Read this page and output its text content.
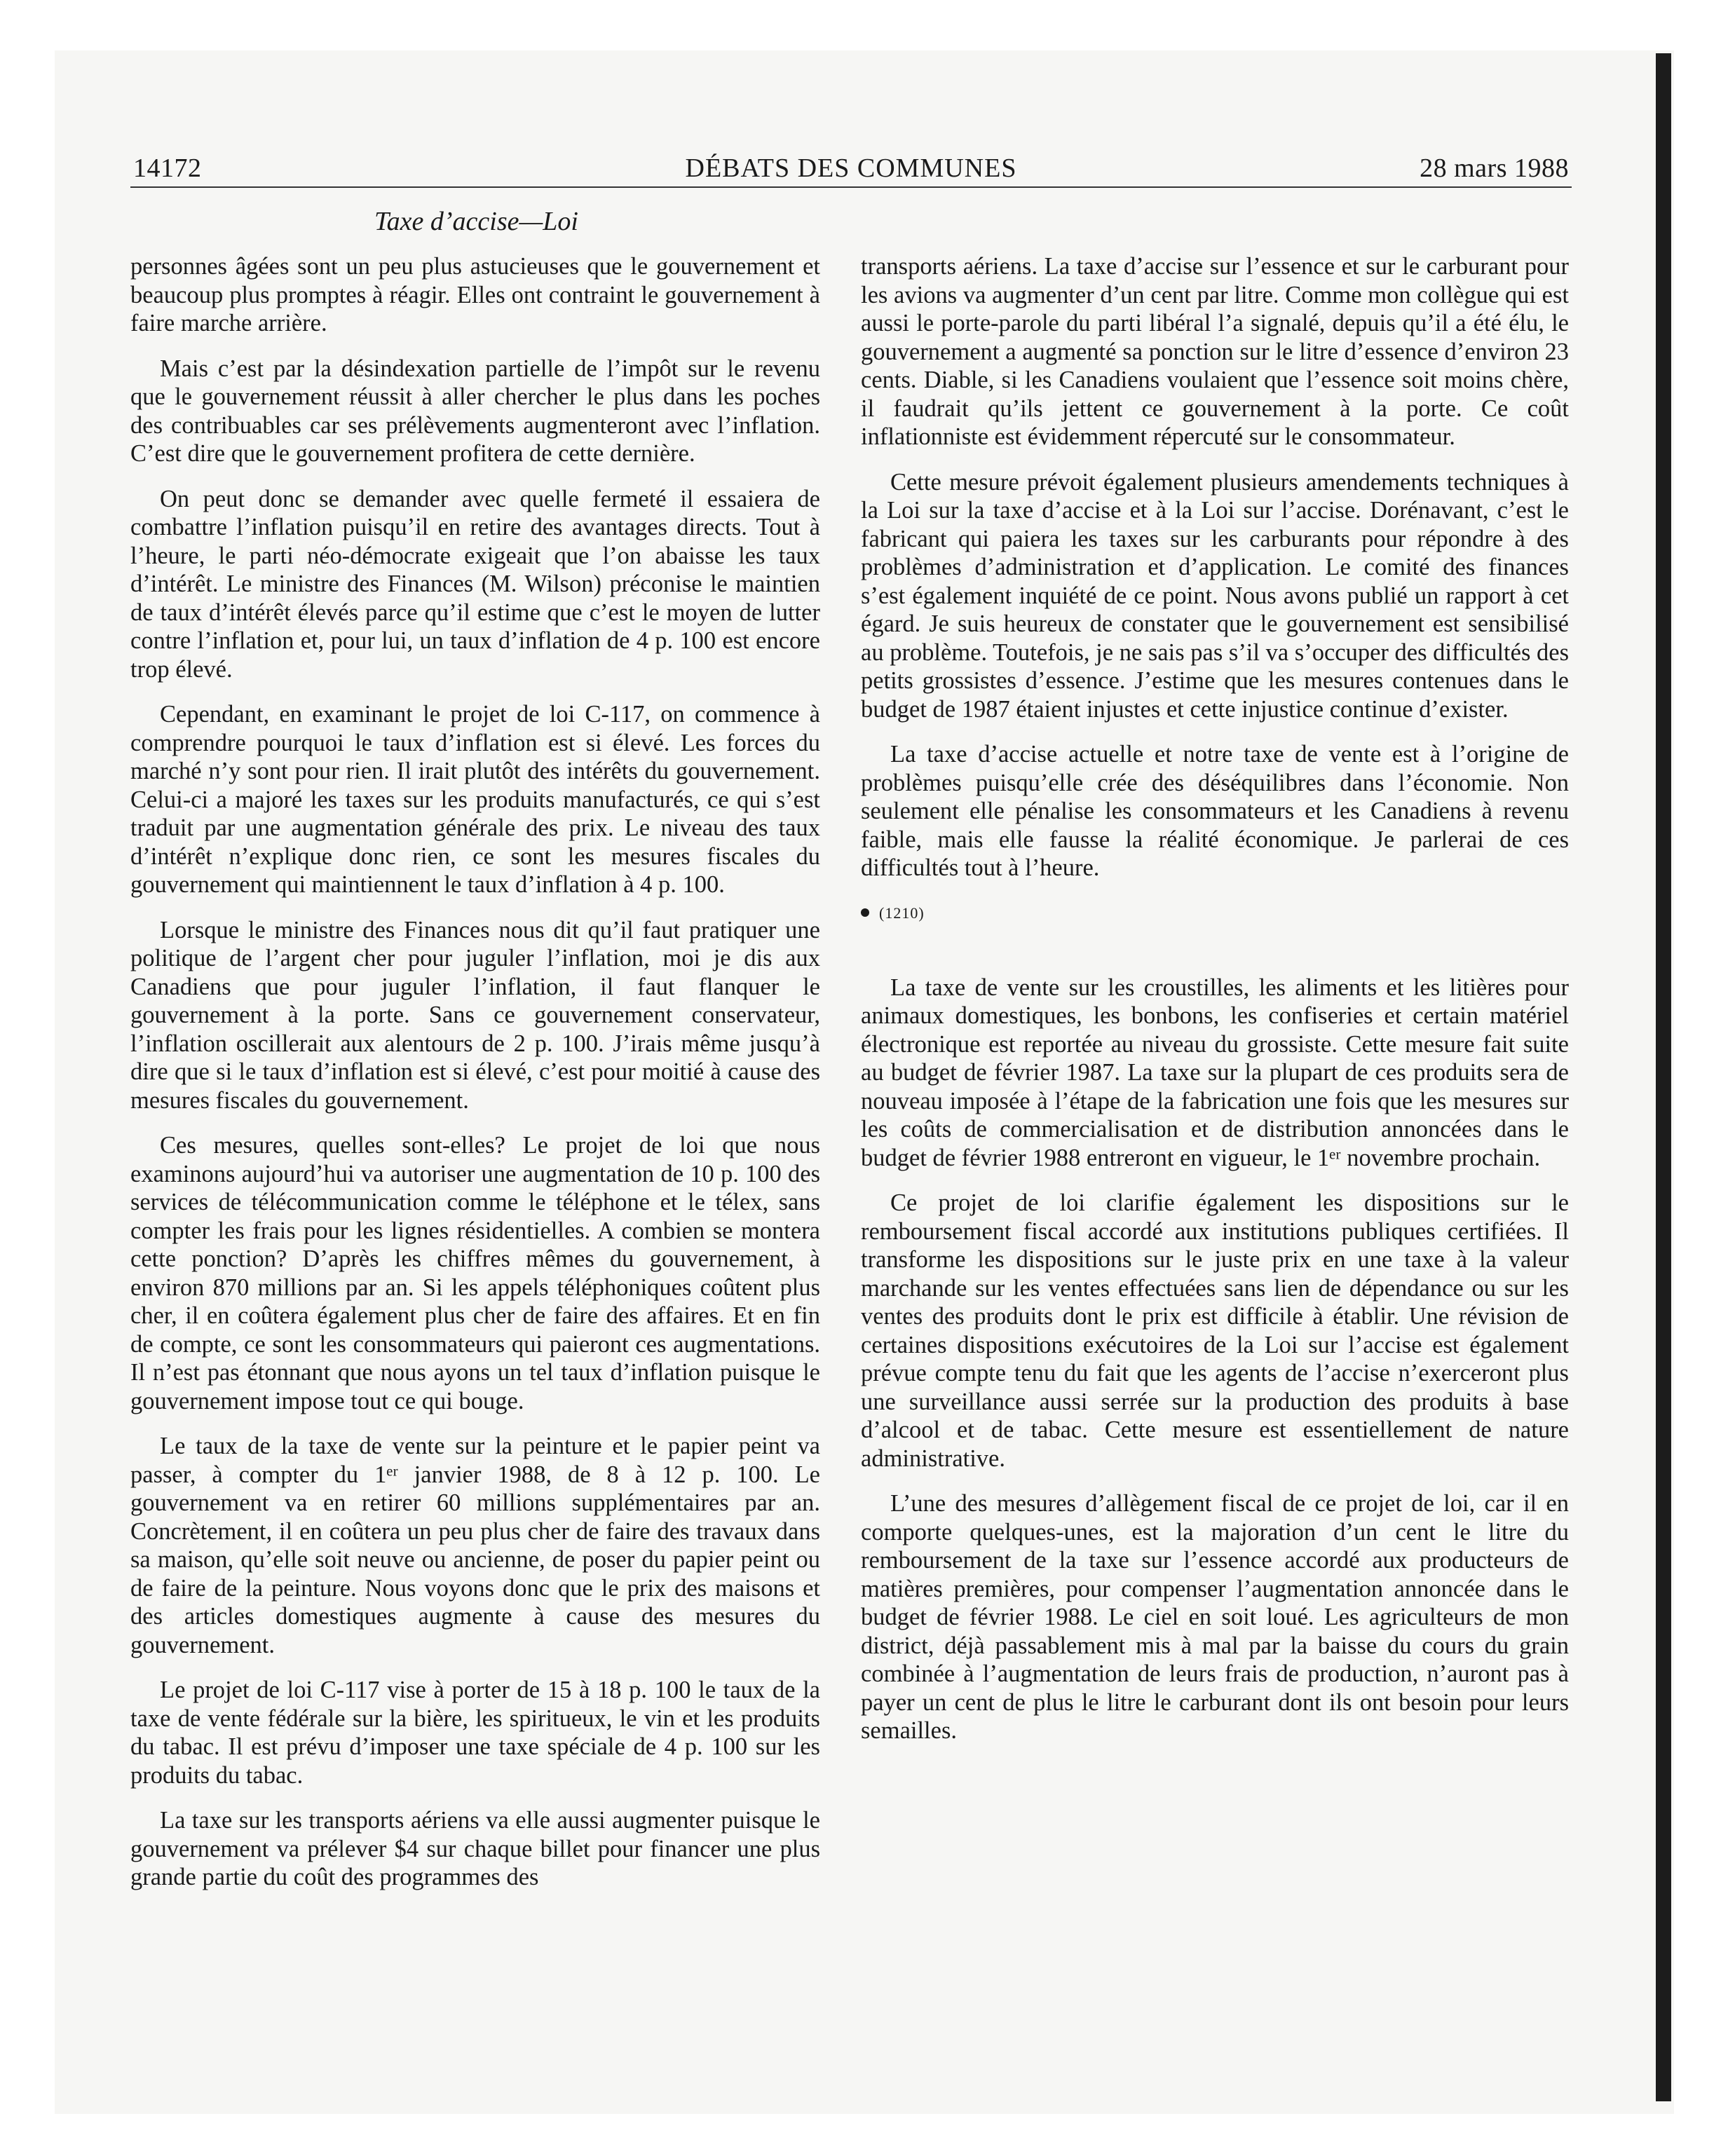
14172	DÉBATS DES COMMUNES	28 mars 1988
Taxe d’accise—Loi

personnes âgées sont un peu plus astucieuses que le gouvernement et beaucoup plus promptes à réagir. Elles ont contraint le gouvernement à faire marche arrière.

Mais c’est par la désindexation partielle de l’impôt sur le revenu que le gouvernement réussit à aller chercher le plus dans les poches des contribuables car ses prélèvements augmenteront avec l’inflation. C’est dire que le gouvernement profitera de cette dernière.

On peut donc se demander avec quelle fermeté il essaiera de combattre l’inflation puisqu’il en retire des avantages directs. Tout à l’heure, le parti néo-démocrate exigeait que l’on abaisse les taux d’intérêt. Le ministre des Finances (M. Wilson) préconise le maintien de taux d’intérêt élevés parce qu’il estime que c’est le moyen de lutter contre l’inflation et, pour lui, un taux d’inflation de 4 p. 100 est encore trop élevé.

Cependant, en examinant le projet de loi C-117, on commence à comprendre pourquoi le taux d’inflation est si élevé. Les forces du marché n’y sont pour rien. Il irait plutôt des intérêts du gouvernement. Celui-ci a majoré les taxes sur les produits manufacturés, ce qui s’est traduit par une augmentation générale des prix. Le niveau des taux d’intérêt n’explique donc rien, ce sont les mesures fiscales du gouvernement qui maintiennent le taux d’inflation à 4 p. 100.

Lorsque le ministre des Finances nous dit qu’il faut pratiquer une politique de l’argent cher pour juguler l’inflation, moi je dis aux Canadiens que pour juguler l’inflation, il faut flanquer le gouvernement à la porte. Sans ce gouvernement conservateur, l’inflation oscillerait aux alentours de 2 p. 100. J’irais même jusqu’à dire que si le taux d’inflation est si élevé, c’est pour moitié à cause des mesures fiscales du gouvernement.

Ces mesures, quelles sont-elles? Le projet de loi que nous examinons aujourd’hui va autoriser une augmentation de 10 p. 100 des services de télécommunication comme le téléphone et le télex, sans compter les frais pour les lignes résidentielles. A combien se montera cette ponction? D’après les chiffres mêmes du gouvernement, à environ 870 millions par an. Si les appels téléphoniques coûtent plus cher, il en coûtera également plus cher de faire des affaires. Et en fin de compte, ce sont les consommateurs qui paieront ces augmentations. Il n’est pas étonnant que nous ayons un tel taux d’inflation puisque le gouvernement impose tout ce qui bouge.

Le taux de la taxe de vente sur la peinture et le papier peint va passer, à compter du 1ᵉʳ janvier 1988, de 8 à 12 p. 100. Le gouvernement va en retirer 60 millions supplémentaires par an. Concrètement, il en coûtera un peu plus cher de faire des travaux dans sa maison, qu’elle soit neuve ou ancienne, de poser du papier peint ou de faire de la peinture. Nous voyons donc que le prix des maisons et des articles domestiques augmente à cause des mesures du gouvernement.

Le projet de loi C-117 vise à porter de 15 à 18 p. 100 le taux de la taxe de vente fédérale sur la bière, les spiritueux, le vin et les produits du tabac. Il est prévu d’imposer une taxe spéciale de 4 p. 100 sur les produits du tabac.

La taxe sur les transports aériens va elle aussi augmenter puisque le gouvernement va prélever $4 sur chaque billet pour financer une plus grande partie du coût des programmes des

transports aériens. La taxe d’accise sur l’essence et sur le carburant pour les avions va augmenter d’un cent par litre. Comme mon collègue qui est aussi le porte-parole du parti libéral l’a signalé, depuis qu’il a été élu, le gouvernement a augmenté sa ponction sur le litre d’essence d’environ 23 cents. Diable, si les Canadiens voulaient que l’essence soit moins chère, il faudrait qu’ils jettent ce gouvernement à la porte. Ce coût inflationniste est évidemment répercuté sur le consommateur.

Cette mesure prévoit également plusieurs amendements techniques à la Loi sur la taxe d’accise et à la Loi sur l’accise. Dorénavant, c’est le fabricant qui paiera les taxes sur les carburants pour répondre à des problèmes d’administration et d’application. Le comité des finances s’est également inquiété de ce point. Nous avons publié un rapport à cet égard. Je suis heureux de constater que le gouvernement est sensibilisé au problème. Toutefois, je ne sais pas s’il va s’occuper des difficultés des petits grossistes d’essence. J’estime que les mesures contenues dans le budget de 1987 étaient injustes et cette injustice continue d’exister.

La taxe d’accise actuelle et notre taxe de vente est à l’origine de problèmes puisqu’elle crée des déséquilibres dans l’économie. Non seulement elle pénalise les consommateurs et les Canadiens à revenu faible, mais elle fausse la réalité économique. Je parlerai de ces difficultés tout à l’heure.

(1210)

La taxe de vente sur les croustilles, les aliments et les litières pour animaux domestiques, les bonbons, les confiseries et certain matériel électronique est reportée au niveau du grossiste. Cette mesure fait suite au budget de février 1987. La taxe sur la plupart de ces produits sera de nouveau imposée à l’étape de la fabrication une fois que les mesures sur les coûts de commercialisation et de distribution annoncées dans le budget de février 1988 entreront en vigueur, le 1ᵉʳ novembre prochain.

Ce projet de loi clarifie également les dispositions sur le remboursement fiscal accordé aux institutions publiques certifiées. Il transforme les dispositions sur le juste prix en une taxe à la valeur marchande sur les ventes effectuées sans lien de dépendance ou sur les ventes des produits dont le prix est difficile à établir. Une révision de certaines dispositions exécutoires de la Loi sur l’accise est également prévue compte tenu du fait que les agents de l’accise n’exerceront plus une surveillance aussi serrée sur la production des produits à base d’alcool et de tabac. Cette mesure est essentiellement de nature administrative.

L’une des mesures d’allègement fiscal de ce projet de loi, car il en comporte quelques-unes, est la majoration d’un cent le litre du remboursement de la taxe sur l’essence accordé aux producteurs de matières premières, pour compenser l’augmentation annoncée dans le budget de février 1988. Le ciel en soit loué. Les agriculteurs de mon district, déjà passablement mis à mal par la baisse du cours du grain combinée à l’augmentation de leurs frais de production, n’auront pas à payer un cent de plus le litre le carburant dont ils ont besoin pour leurs semailles.
